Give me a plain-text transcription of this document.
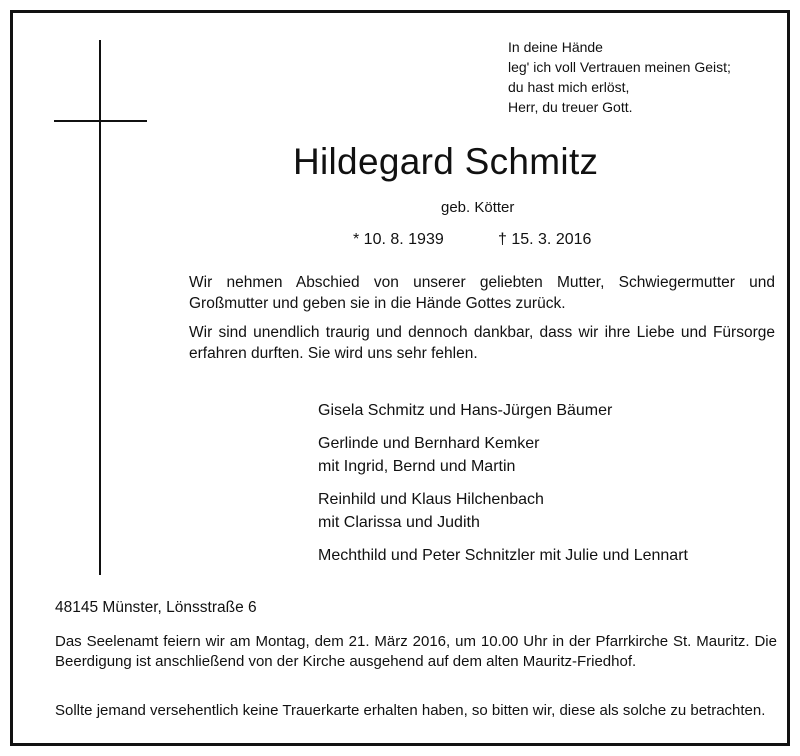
In deine Hände
leg' ich voll Vertrauen meinen Geist;
du hast mich erlöst,
Herr, du treuer Gott.
Hildegard Schmitz
geb. Kötter
* 10. 8. 1939	† 15. 3. 2016
Wir nehmen Abschied von unserer geliebten Mutter, Schwiegermutter und Großmutter und geben sie in die Hände Gottes zurück.
Wir sind unendlich traurig und dennoch dankbar, dass wir ihre Liebe und Fürsorge erfahren durften. Sie wird uns sehr fehlen.
Gisela Schmitz und Hans-Jürgen Bäumer
Gerlinde und Bernhard Kemker
mit Ingrid, Bernd und Martin
Reinhild und Klaus Hilchenbach
mit Clarissa und Judith
Mechthild und Peter Schnitzler mit Julie und Lennart
48145 Münster, Lönsstraße 6
Das Seelenamt feiern wir am Montag, dem 21. März 2016, um 10.00 Uhr in der Pfarrkirche St. Mauritz. Die Beerdigung ist anschließend von der Kirche ausgehend auf dem alten Mauritz-Friedhof.
Sollte jemand versehentlich keine Trauerkarte erhalten haben, so bitten wir, diese als solche zu betrachten.
